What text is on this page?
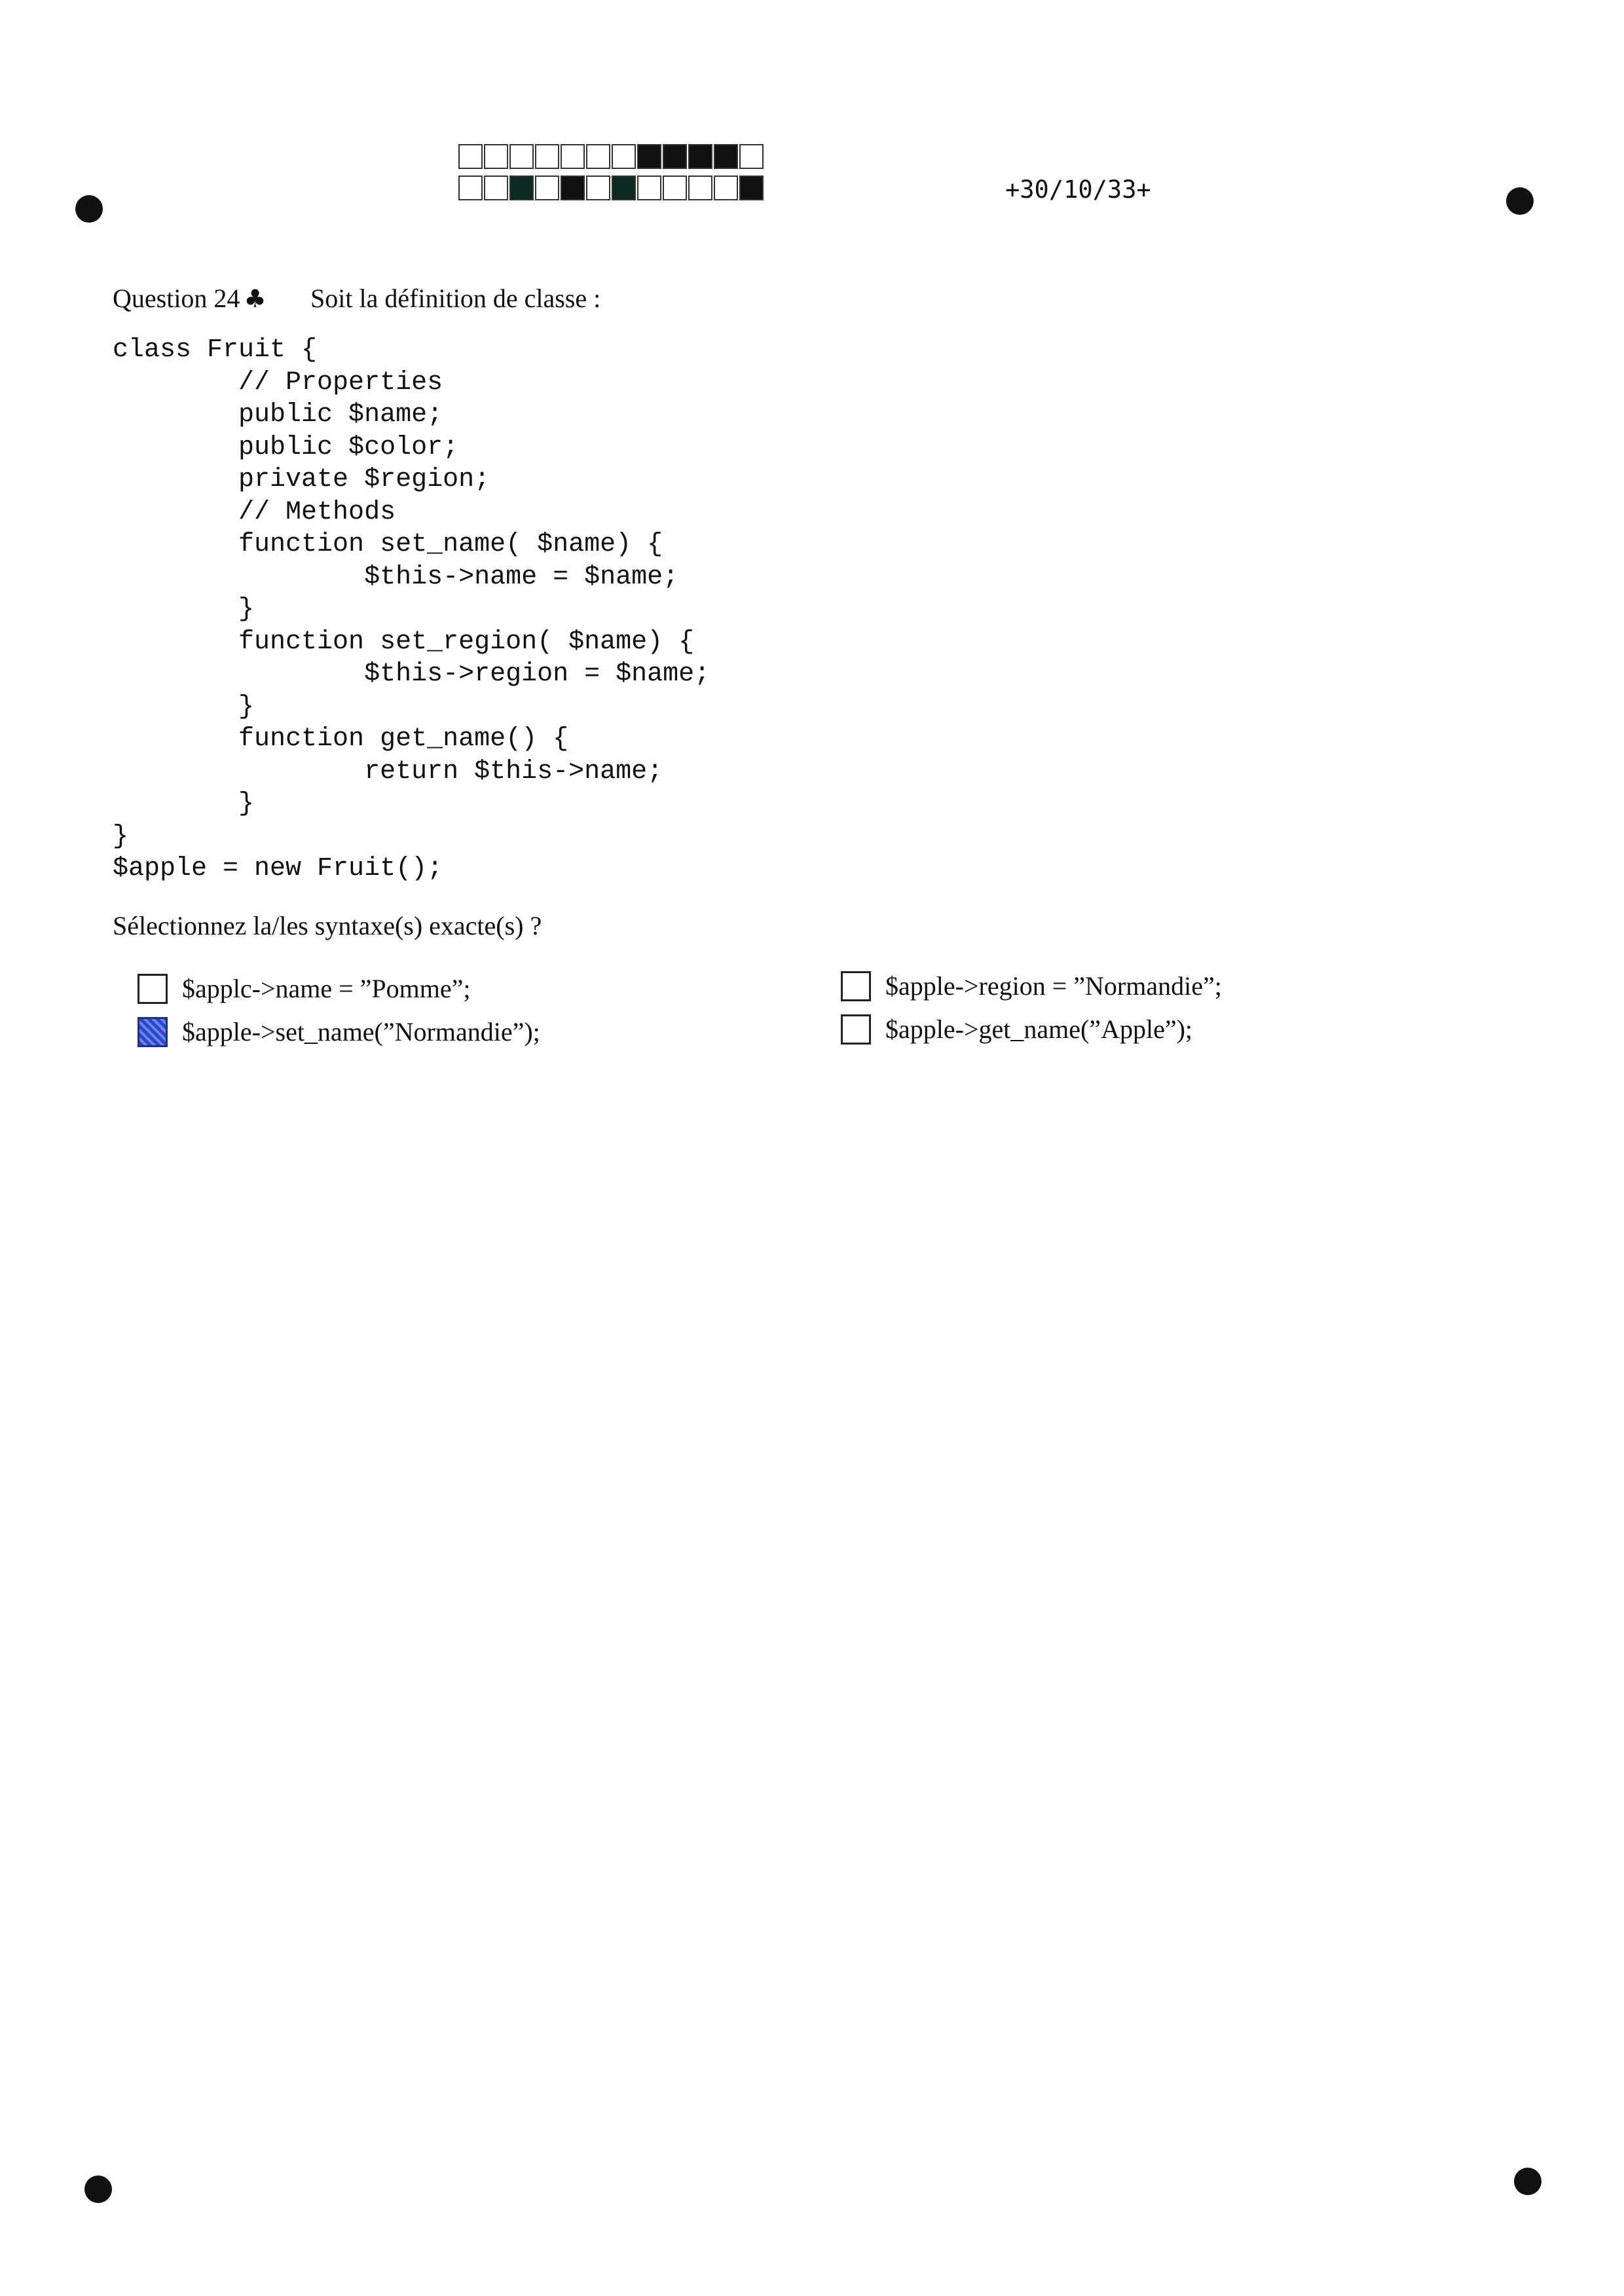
+30/10/33+
Question 24 ♣ Soit la définition de classe :
class Fruit {
// Properties
public $name;
public $color;
private $region;
// Methods
function set_name( $name) {
$this->name = $name;
}
function set_region( $name) {
$this->region = $name;
}
function get_name() {
return $this->name;
}
}
$apple = new Fruit();
Sélectionnez la/les syntaxe(s) exacte(s) ?
$applc->name = ”Pomme”;
$apple->set_name(”Normandie”);
$apple->region = ”Normandie”;
$apple->get_name(”Apple”);
